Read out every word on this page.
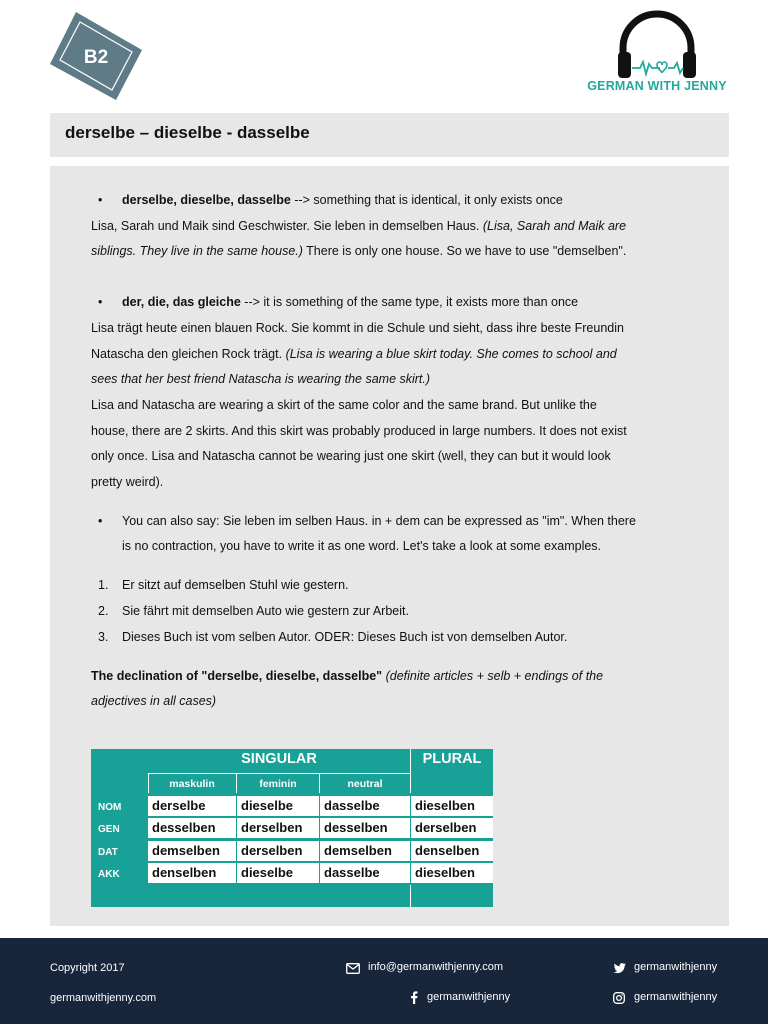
B2
GERMAN WITH JENNY
derselbe – dieselbe - dasselbe
• derselbe, dieselbe, dasselbe --> something that is identical, it only exists once
Lisa, Sarah und Maik sind Geschwister. Sie leben in demselben Haus. (Lisa, Sarah and Maik are
siblings. They live in the same house.) There is only one house. So we have to use "demselben".
• der, die, das gleiche --> it is something of the same type, it exists more than once
Lisa trägt heute einen blauen Rock. Sie kommt in die Schule und sieht, dass ihre beste Freundin
Natascha den gleichen Rock trägt. (Lisa is wearing a blue skirt today. She comes to school and
sees that her best friend Natascha is wearing the same skirt.)
Lisa and Natascha are wearing a skirt of the same color and the same brand. But unlike the
house, there are 2 skirts. And this skirt was probably produced in large numbers. It does not exist
only once. Lisa and Natascha cannot be wearing just one skirt (well, they can but it would look
pretty weird).
• You can also say: Sie leben im selben Haus. in + dem can be expressed as "im". When there
is no contraction, you have to write it as one word. Let's take a look at some examples.
1. Er sitzt auf demselben Stuhl wie gestern.
2. Sie fährt mit demselben Auto wie gestern zur Arbeit.
3. Dieses Buch ist vom selben Autor. ODER: Dieses Buch ist von demselben Autor.
The declination of "derselbe, dieselbe, dasselbe" (definite articles + selb + endings of the
adjectives in all cases)
SINGULAR	PLURAL
maskulin	feminin	neutral
NOM	derselbe	dieselbe	dasselbe	dieselben
GEN	desselben	derselben	desselben	derselben
DAT	demselben	derselben	demselben	denselben
AKK	denselben	dieselbe	dasselbe	dieselben
Copyright 2017
germanwithjenny.com
info@germanwithjenny.com
germanwithjenny
germanwithjenny
germanwithjenny
